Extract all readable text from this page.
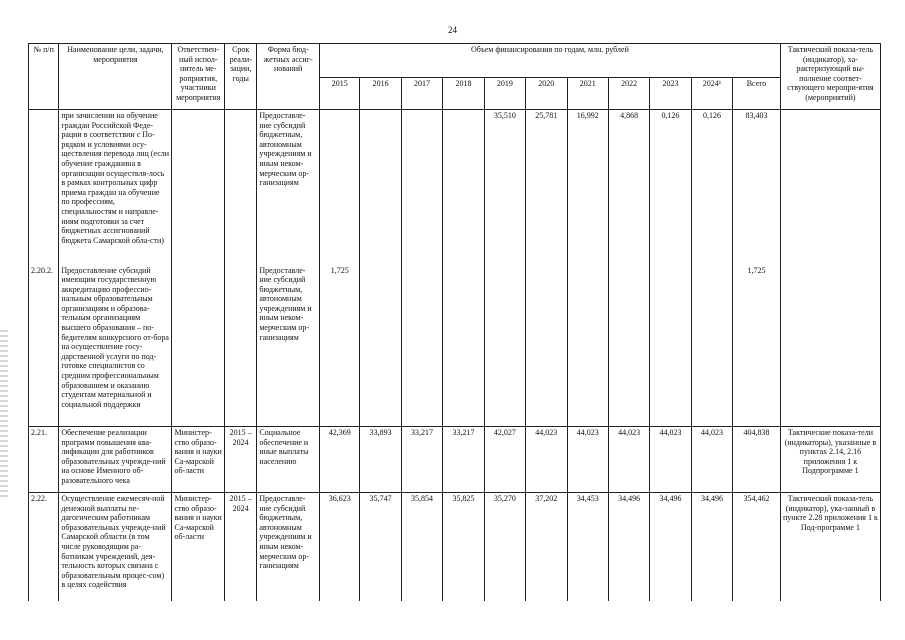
24
№ п/п	Наименование цели, задачи, мероприятия	Ответствен-ный испол-нитель ме-роприятия, участники мероприятия	Срок реали-зации, годы	Форма бюд-жетных ассиг-нований	Объем финансирования по годам, млн. рублей											Тактический показа-тель (индикатор), ха-рактеризующий вы-полнение соответ-ствующего меропри-ятия (мероприятий)
					2015	2016	2017	2018	2019	2020	2021	2022	2023	2024¹	Всего	
	при зачислении на обучение граждан Российской Феде-рации в соответствии с По-рядком и условиями осу-ществления перевода лиц (если обучение гражданина в организации осуществля-лось в рамках контрольных цифр приема граждан на обучение по профессиям, специальностям и направле-ниям подготовки за счет бюджетных ассигнований бюджета Самарской обла-сти)			Предоставле-ние субсидий бюджетным, автономным учреждениям и иным неком-мерческим ор-ганизациям					35,510	25,781	16,992	4,868	0,126	0,126	83,403	
2.20.2.	Предоставление субсидий имеющим государственную аккредитацию профессио-нальным образовательным организациям и образова-тельным организациям высшего образования – по-бедителям конкурсного от-бора на осуществление госу-дарственной услуги по под-готовке специалистов со средним профессиональным образованием и оказанию студентам материальной и социальной поддержки			Предоставле-ние субсидий бюджетным, автономным учреждениям и иным неком-мерческим ор-ганизациям	1,725										1,725	
2.21.	Обеспечение реализации программ повышения ква-лификации для работников образовательных учрежде-ний на основе Именного об-разовательного чека	Министер-ство образо-вания и науки Са-марской об-ласти	2015 – 2024	Социальное обеспечение и иные выплаты населению	42,369	33,893	33,217	33,217	42,027	44,023	44,023	44,023	44,023	44,023	404,838	Тактические показа-тели (индикаторы), указанные в пунктах 2.14, 2.16 приложения 1 к Подпрограмме 1
2.22.	Осуществление ежемесяч-ной денежной выплаты пе-дагогическим работникам образовательных учрежде-ний Самарской области (в том числе руководящим ра-ботникам учреждений, дея-тельность которых связана с образовательным процес-сом) в целях содействия	Министер-ство образо-вания и науки Са-марской об-ласти	2015 – 2024	Предоставле-ние субсидий бюджетным, автономным учреждениям и иным неком-мерческим ор-ганизациям	36,623	35,747	35,854	35,825	35,270	37,202	34,453	34,496	34,496	34,496	354,462	Тактический показа-тель (индикатор), ука-занный в пункте 2.28 приложения 1 к Под-программе 1
